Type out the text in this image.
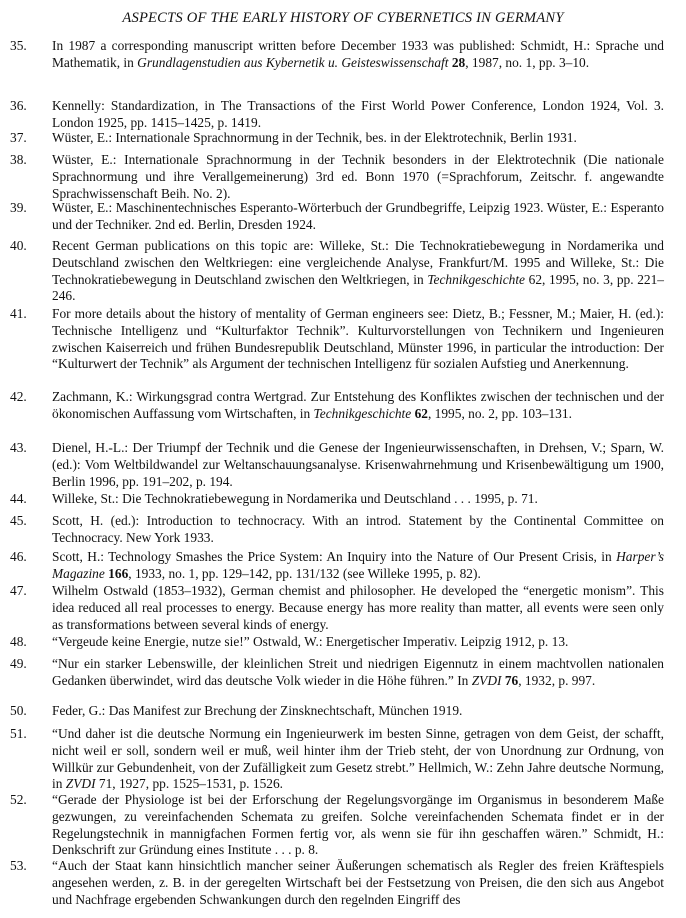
ASPECTS OF THE EARLY HISTORY OF CYBERNETICS IN GERMANY
35.	In 1987 a corresponding manuscript written before December 1933 was published: Schmidt, H.: Sprache und Mathematik, in Grundlagenstudien aus Kybernetik u. Geisteswissenschaft 28, 1987, no. 1, pp. 3–10.
36.	Kennelly: Standardization, in The Transactions of the First World Power Conference, London 1924, Vol. 3. London 1925, pp. 1415–1425, p. 1419.
37.	Wüster, E.: Internationale Sprachnormung in der Technik, bes. in der Elektrotechnik, Berlin 1931.
38.	Wüster, E.: Internationale Sprachnormung in der Technik besonders in der Elektrotechnik (Die nationale Sprachnormung und ihre Verallgemeinerung) 3rd ed. Bonn 1970 (=Sprachforum, Zeitschr. f. angewandte Sprachwissenschaft Beih. No. 2).
39.	Wüster, E.: Maschinentechnisches Esperanto-Wörterbuch der Grundbegriffe, Leipzig 1923. Wüster, E.: Esperanto und der Techniker. 2nd ed. Berlin, Dresden 1924.
40.	Recent German publications on this topic are: Willeke, St.: Die Technokratiebewegung in Nordamerika und Deutschland zwischen den Weltkriegen: eine vergleichende Analyse, Frankfurt/M. 1995 and Willeke, St.: Die Technokratiebewegung in Deutschland zwischen den Weltkriegen, in Technikgeschichte 62, 1995, no. 3, pp. 221–246.
41.	For more details about the history of mentality of German engineers see: Dietz, B.; Fessner, M.; Maier, H. (ed.): Technische Intelligenz und “Kulturfaktor Technik”. Kulturvorstellungen von Technikern und Ingenieuren zwischen Kaiserreich und frühen Bundesrepublik Deutschland, Münster 1996, in particular the introduction: Der “Kulturwert der Technik” als Argument der technischen Intelligenz für sozialen Aufstieg und Anerkennung.
42.	Zachmann, K.: Wirkungsgrad contra Wertgrad. Zur Entstehung des Konfliktes zwischen der technischen und der ökonomischen Auffassung vom Wirtschaften, in Technikgeschichte 62, 1995, no. 2, pp. 103–131.
43.	Dienel, H.-L.: Der Triumpf der Technik und die Genese der Ingenieurwissenschaften, in Drehsen, V.; Sparn, W. (ed.): Vom Weltbildwandel zur Weltanschauungsanalyse. Krisenwahrnehmung und Krisenbewältigung um 1900, Berlin 1996, pp. 191–202, p. 194.
44.	Willeke, St.: Die Technokratiebewegung in Nordamerika und Deutschland . . . 1995, p. 71.
45.	Scott, H. (ed.): Introduction to technocracy. With an introd. Statement by the Continental Committee on Technocracy. New York 1933.
46.	Scott, H.: Technology Smashes the Price System: An Inquiry into the Nature of Our Present Crisis, in Harper’s Magazine 166, 1933, no. 1, pp. 129–142, pp. 131/132 (see Willeke 1995, p. 82).
47.	Wilhelm Ostwald (1853–1932), German chemist and philosopher. He developed the “energetic monism”. This idea reduced all real processes to energy. Because energy has more reality than matter, all events were seen only as transformations between several kinds of energy.
48.	“Vergeude keine Energie, nutze sie!” Ostwald, W.: Energetischer Imperativ. Leipzig 1912, p. 13.
49.	“Nur ein starker Lebenswille, der kleinlichen Streit und niedrigen Eigennutz in einem machtvollen nationalen Gedanken überwindet, wird das deutsche Volk wieder in die Höhe führen.” In ZVDI 76, 1932, p. 997.
50.	Feder, G.: Das Manifest zur Brechung der Zinsknechtschaft, München 1919.
51.	“Und daher ist die deutsche Normung ein Ingenieurwerk im besten Sinne, getragen von dem Geist, der schafft, nicht weil er soll, sondern weil er muß, weil hinter ihm der Trieb steht, der von Unordnung zur Ordnung, von Willkür zur Gebundenheit, von der Zufälligkeit zum Gesetz strebt.” Hellmich, W.: Zehn Jahre deutsche Normung, in ZVDI 71, 1927, pp. 1525–1531, p. 1526.
52.	“Gerade der Physiologe ist bei der Erforschung der Regelungsvorgänge im Organismus in besonderem Maße gezwungen, zu vereinfachenden Schemata zu greifen. Solche vereinfachenden Schemata findet er in der Regelungstechnik in mannigfachen Formen fertig vor, als wenn sie für ihn geschaffen wären.” Schmidt, H.: Denkschrift zur Gründung eines Institute . . . p. 8.
53.	“Auch der Staat kann hinsichtlich mancher seiner Äußerungen schematisch als Regler des freien Kräftespiels angesehen werden, z. B. in der geregelten Wirtschaft bei der Festsetzung von Preisen, die den sich aus Angebot und Nachfrage ergebenden Schwankungen durch den regelnden Eingriff des
